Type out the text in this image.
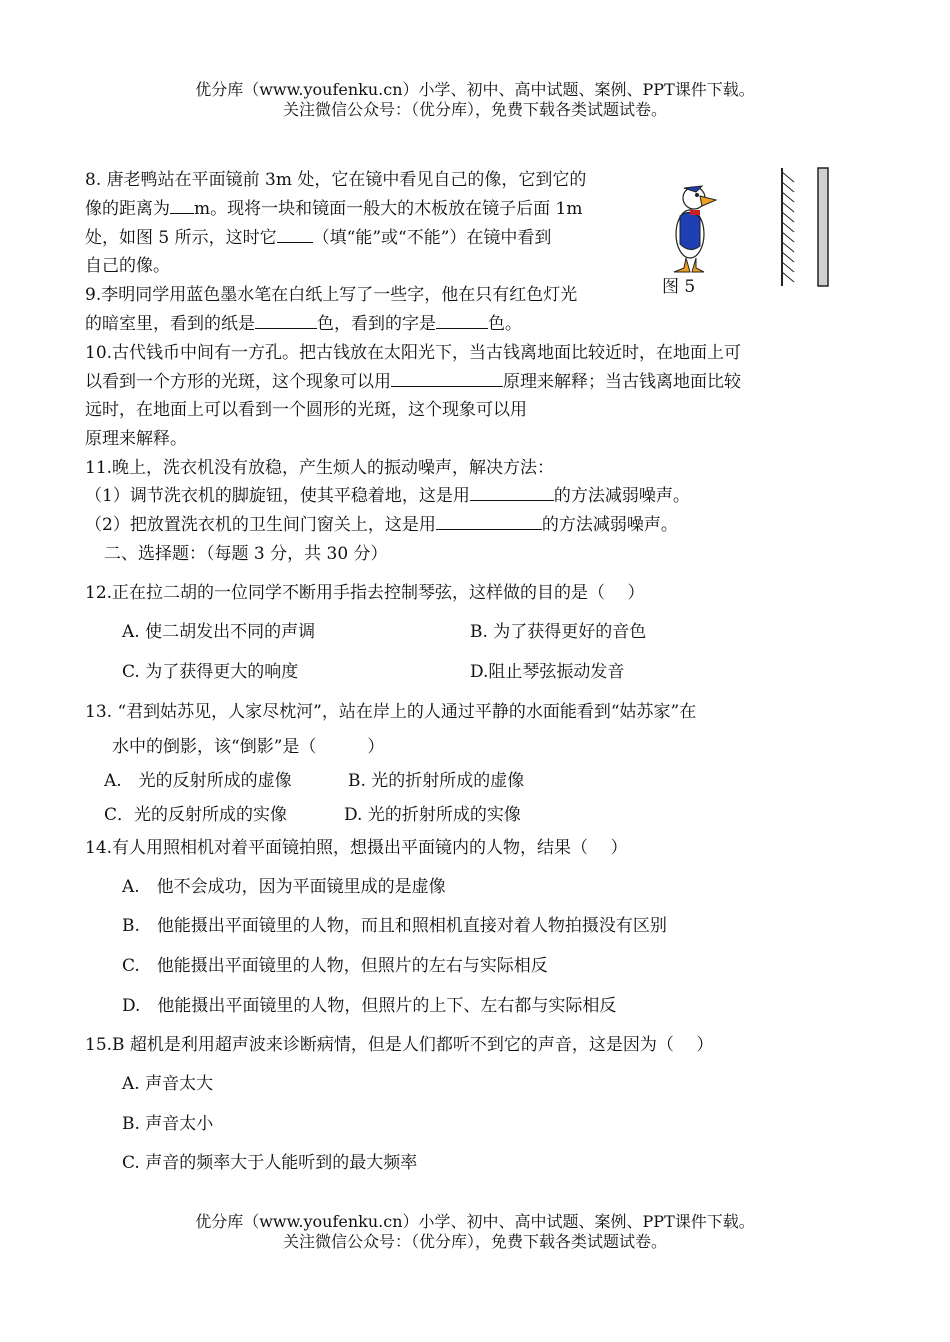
优分库（www.youfenku.cn）小学、初中、高中试题、案例、PPT课件下载。
关注微信公众号：（优分库），免费下载各类试题试卷。
8. 唐老鸭站在平面镜前 3m 处，它在镜中看见自己的像，它到它的
像的距离为 m。现将一块和镜面一般大的木板放在镜子后面 1m
处，如图 5 所示，这时它 （填“能”或“不能”）在镜中看到
自己的像。
图 5
9.李明同学用蓝色墨水笔在白纸上写了一些字，他在只有红色灯光
的暗室里，看到的纸是	色，看到的字是	色。
10.古代钱币中间有一方孔。把古钱放在太阳光下，当古钱离地面比较近时，在地面上可
以看到一个方形的光斑，这个现象可以用	原理来解释；当古钱离地面比较
远时，在地面上可以看到一个圆形的光斑，这个现象可以用
原理来解释。
11.晚上，洗衣机没有放稳，产生烦人的振动噪声，解决方法：
（1）调节洗衣机的脚旋钮，使其平稳着地，这是用	的方法减弱噪声。
（2）把放置洗衣机的卫生间门窗关上，这是用	的方法减弱噪声。
二、选择题：（每题 3 分，共 30 分）
12.正在拉二胡的一位同学不断用手指去控制琴弦，这样做的目的是（　 ）
A. 使二胡发出不同的声调	B. 为了获得更好的音色
C. 为了获得更大的响度	D.阻止琴弦振动发音
13. “君到姑苏见，人家尽枕河”，站在岸上的人通过平静的水面能看到“姑苏家”在
水中的倒影，该“倒影”是（　　　）
A.　光的反射所成的虚像	B. 光的折射所成的虚像
C．光的反射所成的实像	D. 光的折射所成的实像
14.有人用照相机对着平面镜拍照，想摄出平面镜内的人物，结果（　 ）
A.　他不会成功，因为平面镜里成的是虚像
B.　他能摄出平面镜里的人物，而且和照相机直接对着人物拍摄没有区别
C.　他能摄出平面镜里的人物，但照片的左右与实际相反
D.　他能摄出平面镜里的人物，但照片的上下、左右都与实际相反
15.B 超机是利用超声波来诊断病情，但是人们都听不到它的声音，这是因为（　 ）
A. 声音太大
B. 声音太小
C. 声音的频率大于人能听到的最大频率
优分库（www.youfenku.cn）小学、初中、高中试题、案例、PPT课件下载。
关注微信公众号：（优分库），免费下载各类试题试卷。
